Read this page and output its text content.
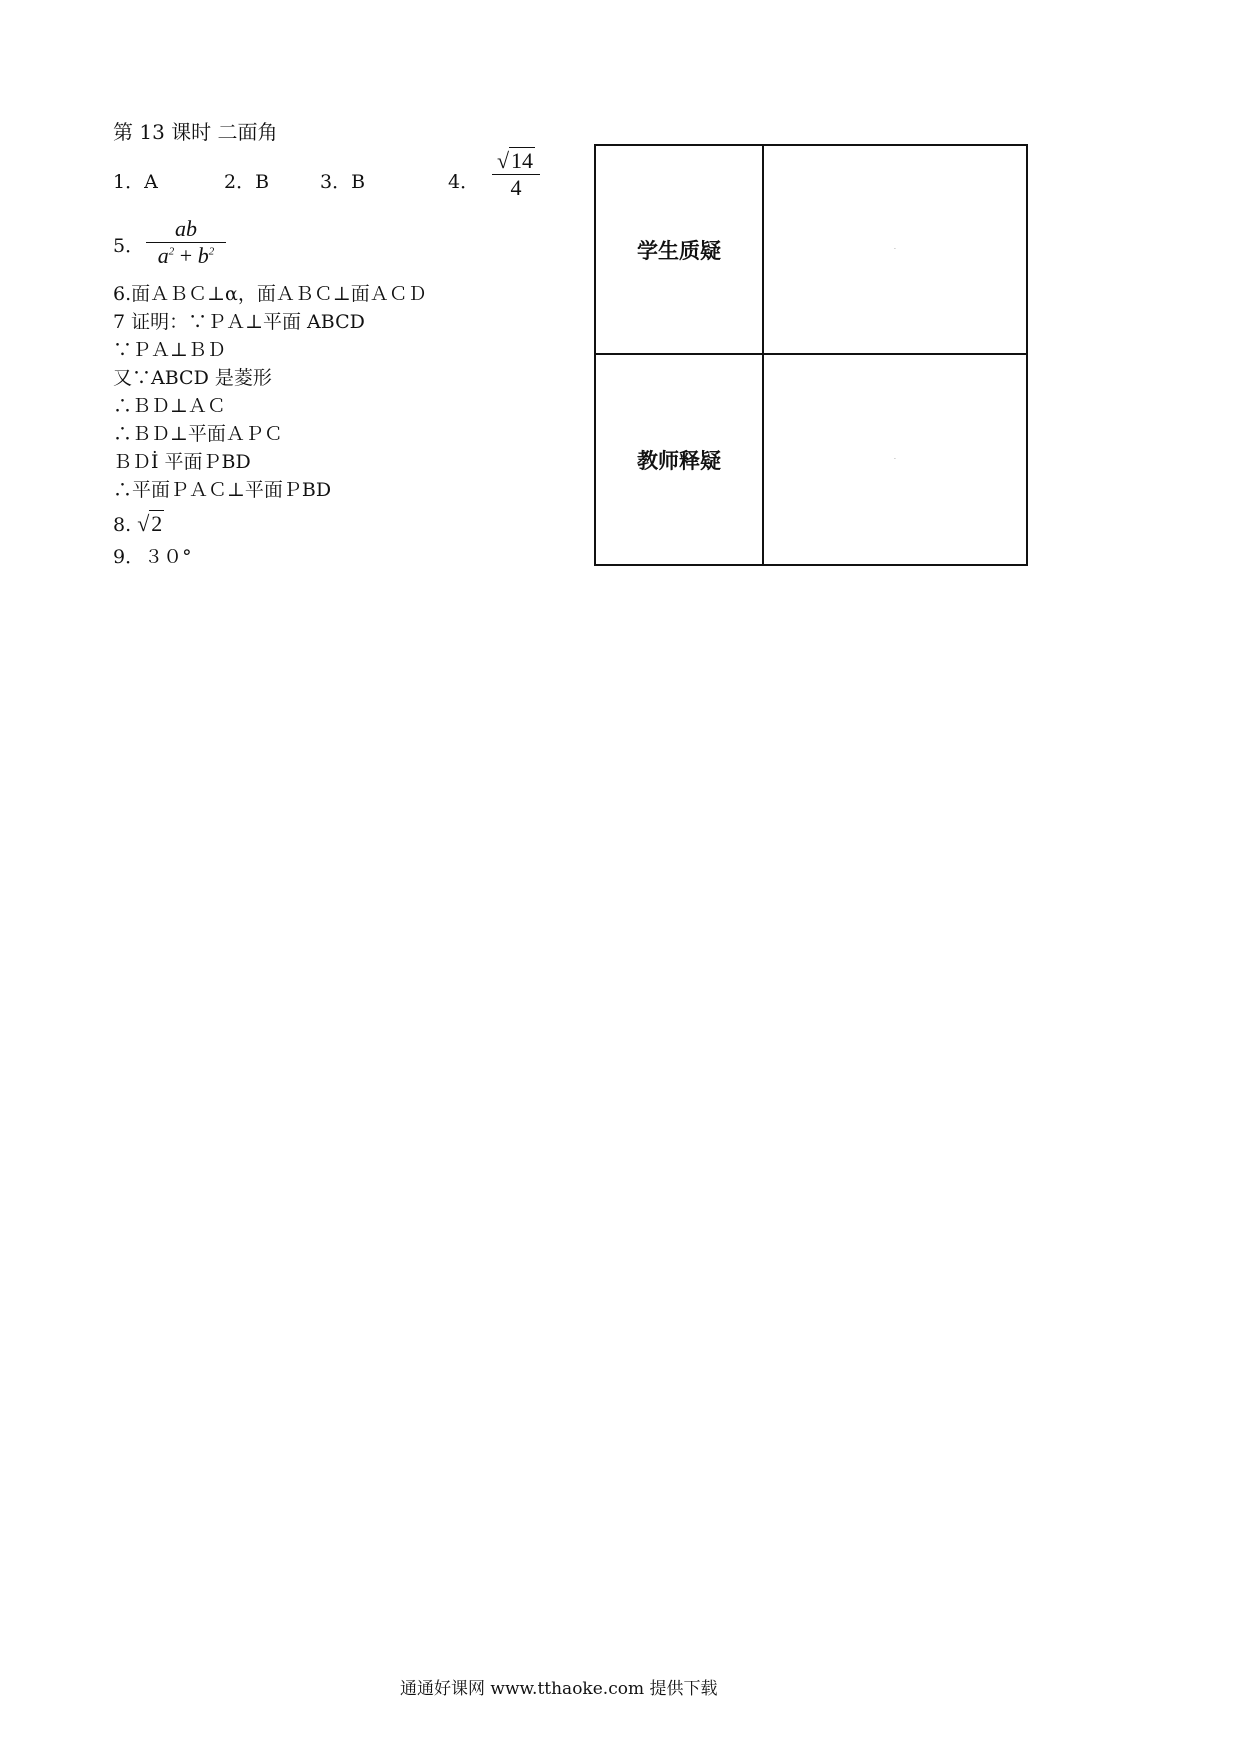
第 13 课时 二面角
1．A	2．B	3．B	4．
√14
4
5．
ab
$a^2 + b^2$
6.面ＡＢＣ⊥α，面ＡＢＣ⊥面ＡＣＤ
7 证明：∵ＰＡ⊥平面 ABCD
∵ＰＡ⊥ＢＤ
又∵ABCD 是菱形
∴ＢＤ⊥ＡＣ
∴ＢＤ⊥平面ＡＰＣ
ＢＤİ 平面ＰBD
∴平面ＰＡＣ⊥平面ＰBD
8. √2
9．３０°
学生质疑	·
教师释疑	·
通通好课网 www.tthaoke.com 提供下载
